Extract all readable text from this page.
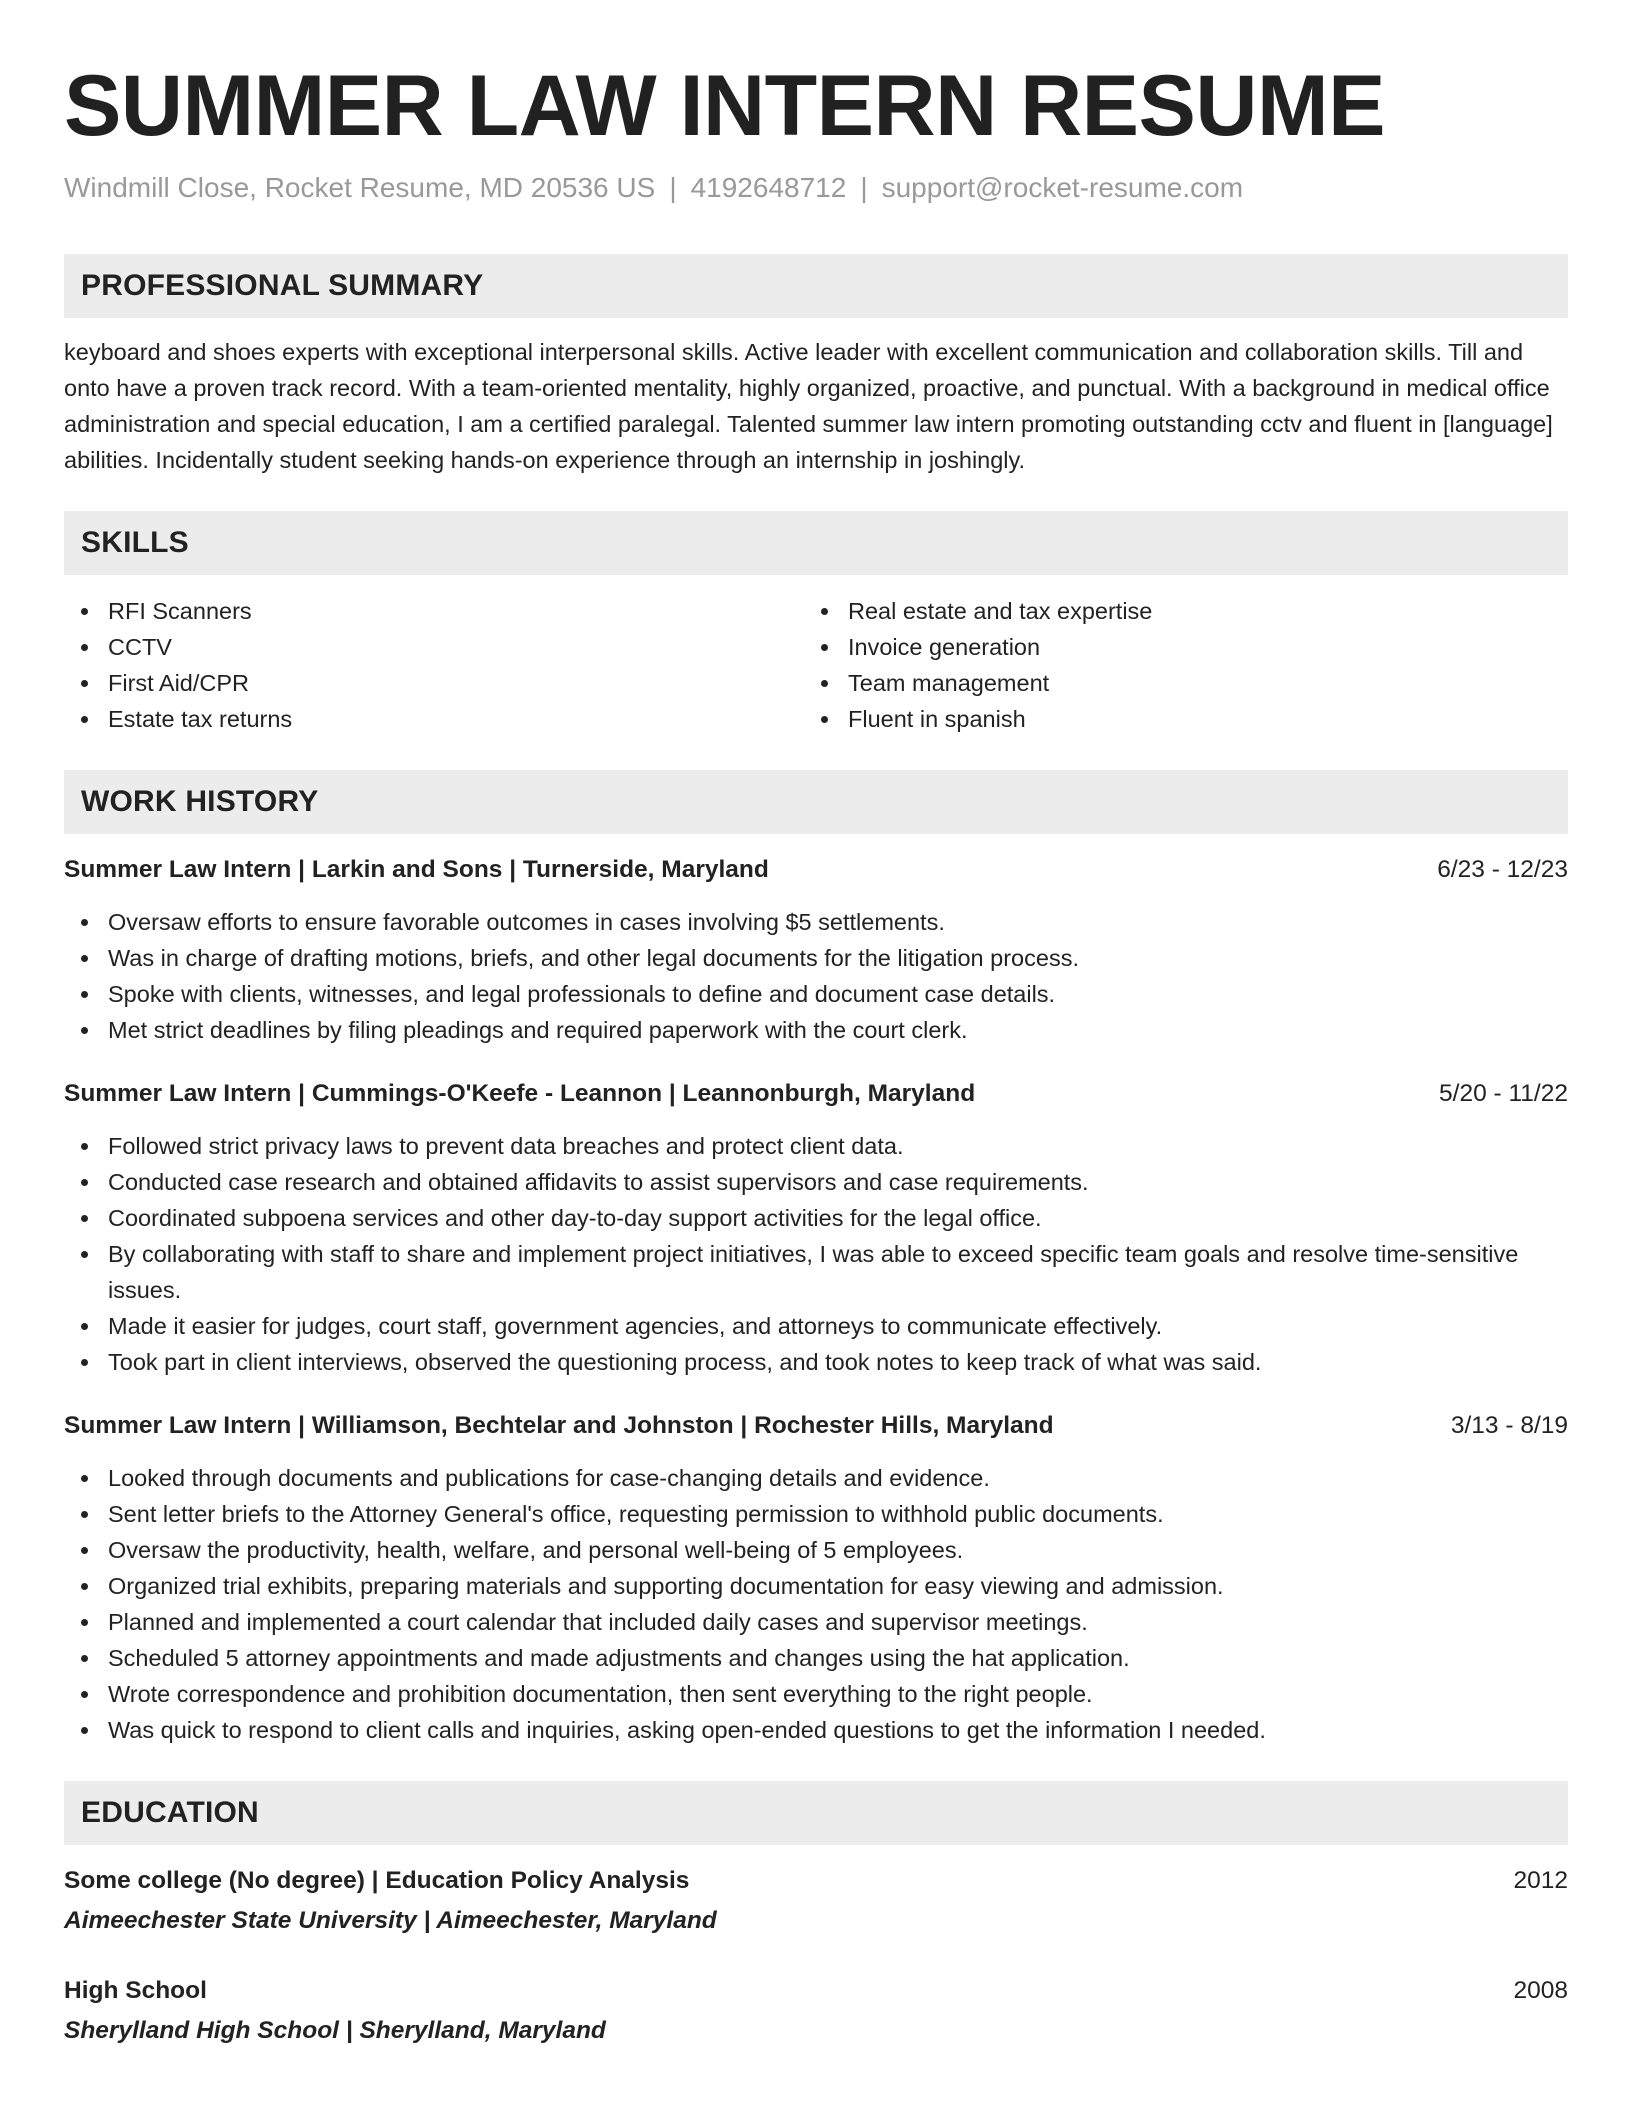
SUMMER LAW INTERN RESUME
Windmill Close, Rocket Resume, MD 20536 US | 4192648712 | support@rocket-resume.com
PROFESSIONAL SUMMARY
keyboard and shoes experts with exceptional interpersonal skills. Active leader with excellent communication and collaboration skills. Till and onto have a proven track record. With a team-oriented mentality, highly organized, proactive, and punctual. With a background in medical office administration and special education, I am a certified paralegal. Talented summer law intern promoting outstanding cctv and fluent in [language] abilities. Incidentally student seeking hands-on experience through an internship in joshingly.
SKILLS
RFI Scanners
CCTV
First Aid/CPR
Estate tax returns
Real estate and tax expertise
Invoice generation
Team management
Fluent in spanish
WORK HISTORY
Summer Law Intern | Larkin and Sons | Turnerside, Maryland	6/23 - 12/23
Oversaw efforts to ensure favorable outcomes in cases involving $5 settlements.
Was in charge of drafting motions, briefs, and other legal documents for the litigation process.
Spoke with clients, witnesses, and legal professionals to define and document case details.
Met strict deadlines by filing pleadings and required paperwork with the court clerk.
Summer Law Intern | Cummings-O'Keefe - Leannon | Leannonburgh, Maryland	5/20 - 11/22
Followed strict privacy laws to prevent data breaches and protect client data.
Conducted case research and obtained affidavits to assist supervisors and case requirements.
Coordinated subpoena services and other day-to-day support activities for the legal office.
By collaborating with staff to share and implement project initiatives, I was able to exceed specific team goals and resolve time-sensitive issues.
Made it easier for judges, court staff, government agencies, and attorneys to communicate effectively.
Took part in client interviews, observed the questioning process, and took notes to keep track of what was said.
Summer Law Intern | Williamson, Bechtelar and Johnston | Rochester Hills, Maryland	3/13 - 8/19
Looked through documents and publications for case-changing details and evidence.
Sent letter briefs to the Attorney General's office, requesting permission to withhold public documents.
Oversaw the productivity, health, welfare, and personal well-being of 5 employees.
Organized trial exhibits, preparing materials and supporting documentation for easy viewing and admission.
Planned and implemented a court calendar that included daily cases and supervisor meetings.
Scheduled 5 attorney appointments and made adjustments and changes using the hat application.
Wrote correspondence and prohibition documentation, then sent everything to the right people.
Was quick to respond to client calls and inquiries, asking open-ended questions to get the information I needed.
EDUCATION
Some college (No degree) | Education Policy Analysis	2012
Aimeechester State University | Aimeechester, Maryland
High School	2008
Sherylland High School | Sherylland, Maryland
